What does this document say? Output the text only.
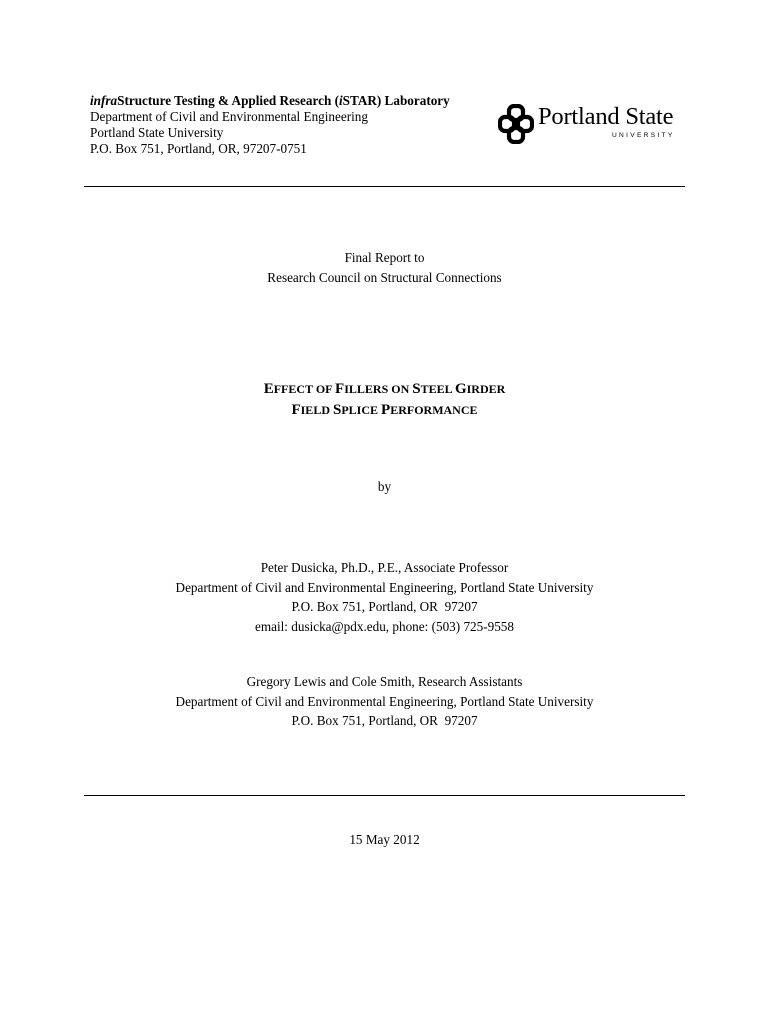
infraStructure Testing & Applied Research (iSTAR) Laboratory
Department of Civil and Environmental Engineering
Portland State University
P.O. Box 751, Portland, OR, 97207-0751
Portland State
UNIVERSITY
Final Report to
Research Council on Structural Connections
EFFECT OF FILLERS ON STEEL GIRDER
FIELD SPLICE PERFORMANCE
by
Peter Dusicka, Ph.D., P.E., Associate Professor
Department of Civil and Environmental Engineering, Portland State University
P.O. Box 751, Portland, OR  97207
email: dusicka@pdx.edu, phone: (503) 725-9558
Gregory Lewis and Cole Smith, Research Assistants
Department of Civil and Environmental Engineering, Portland State University
P.O. Box 751, Portland, OR  97207
15 May 2012
